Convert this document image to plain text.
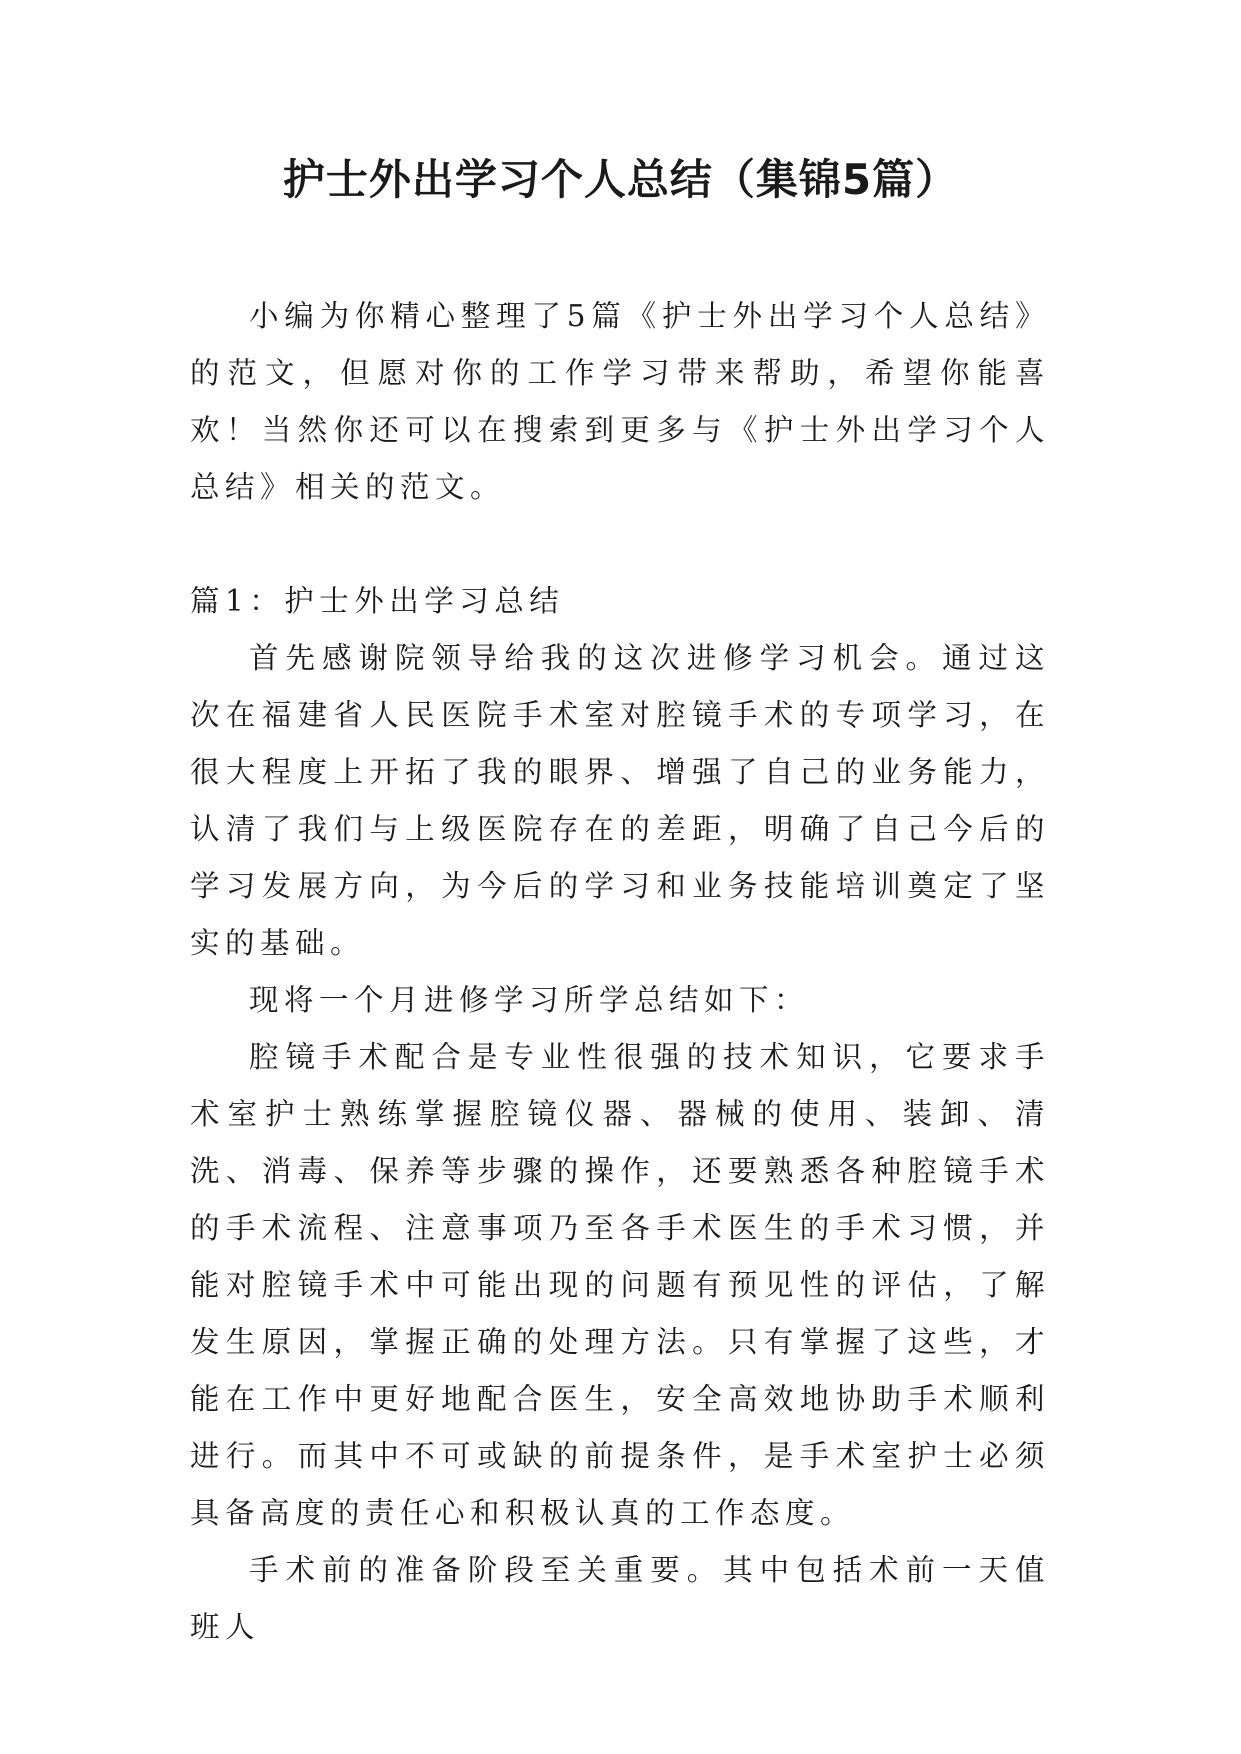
护士外出学习个人总结（集锦5篇）

小编为你精心整理了5篇《护士外出学习个人总结》的范文，但愿对你的工作学习带来帮助，希望你能喜欢！当然你还可以在搜索到更多与《护士外出学习个人总结》相关的范文。

篇1：护士外出学习总结

首先感谢院领导给我的这次进修学习机会。通过这次在福建省人民医院手术室对腔镜手术的专项学习，在很大程度上开拓了我的眼界、增强了自己的业务能力，认清了我们与上级医院存在的差距，明确了自己今后的学习发展方向，为今后的学习和业务技能培训奠定了坚实的基础。

现将一个月进修学习所学总结如下：

腔镜手术配合是专业性很强的技术知识，它要求手术室护士熟练掌握腔镜仪器、器械的使用、装卸、清洗、消毒、保养等步骤的操作，还要熟悉各种腔镜手术的手术流程、注意事项乃至各手术医生的手术习惯，并能对腔镜手术中可能出现的问题有预见性的评估，了解发生原因，掌握正确的处理方法。只有掌握了这些，才能在工作中更好地配合医生，安全高效地协助手术顺利进行。而其中不可或缺的前提条件，是手术室护士必须具备高度的责任心和积极认真的工作态度。

手术前的准备阶段至关重要。其中包括术前一天值班人
